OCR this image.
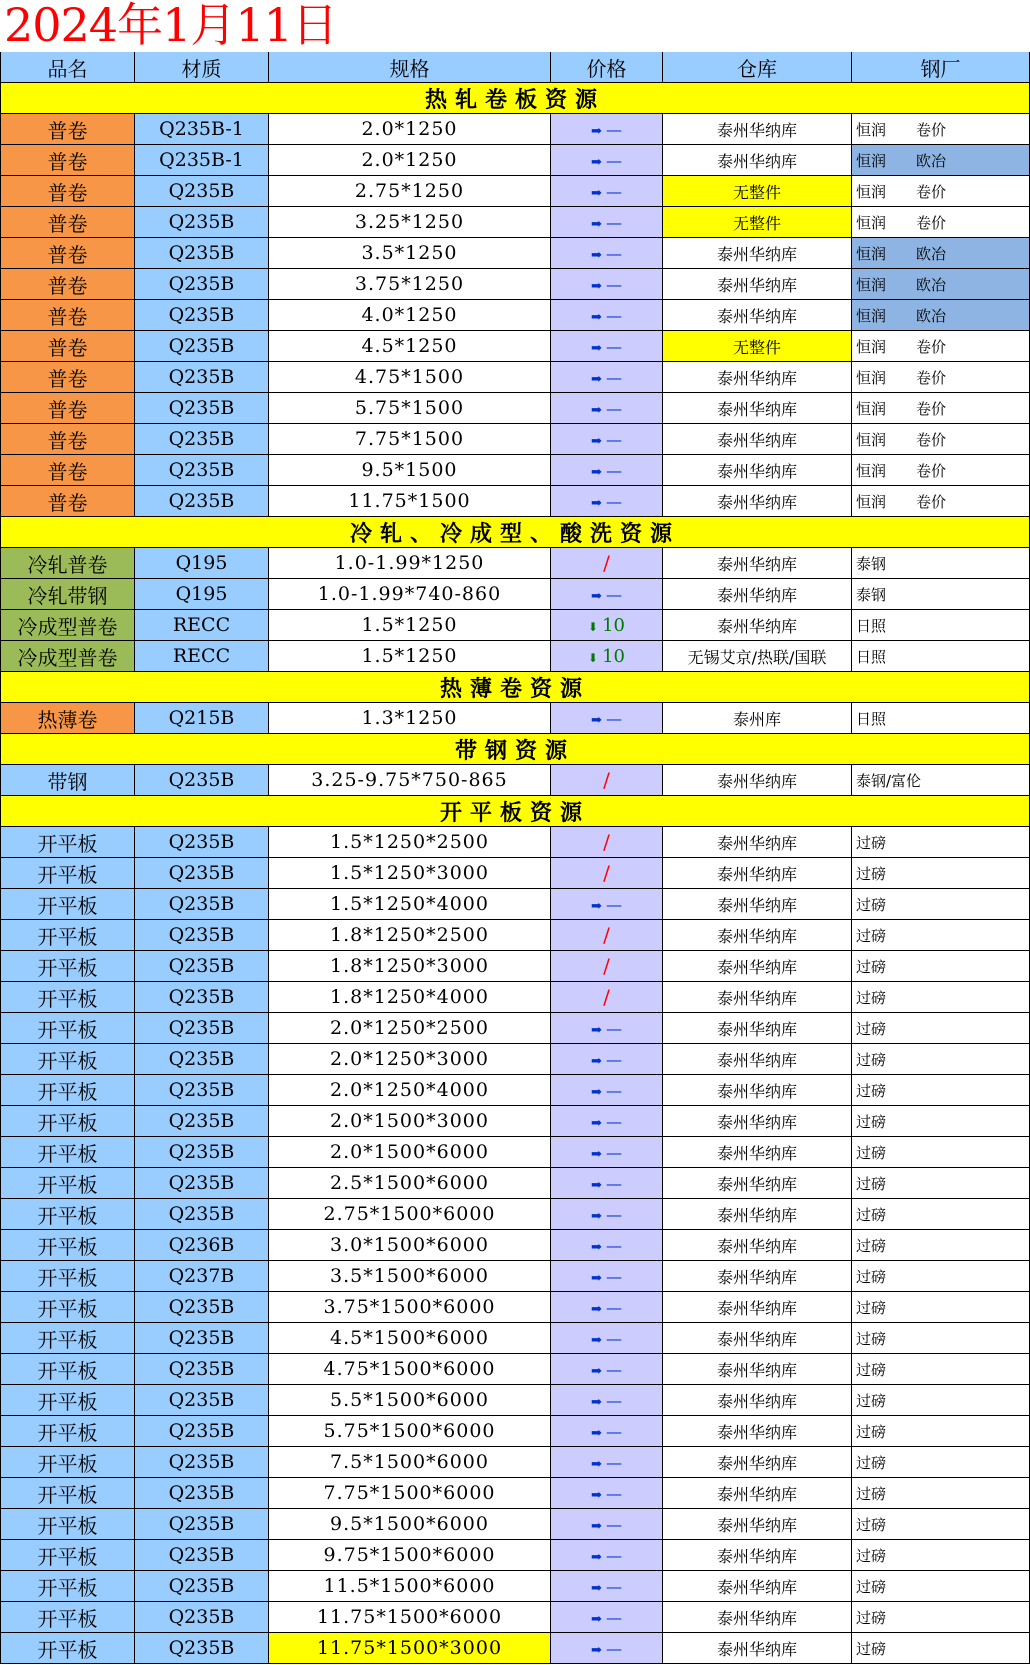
2024年1月11日
品名	材质	规格	价格	仓库	钢厂
热轧卷板资源
普卷	Q235B-1	2.0*1250	➡ —	泰州华纳库	恒润	卷价
普卷	Q235B-1	2.0*1250	➡ —	泰州华纳库	恒润	欧冶
普卷	Q235B	2.75*1250	➡ —	无整件	恒润	卷价
普卷	Q235B	3.25*1250	➡ —	无整件	恒润	卷价
普卷	Q235B	3.5*1250	➡ —	泰州华纳库	恒润	欧冶
普卷	Q235B	3.75*1250	➡ —	泰州华纳库	恒润	欧冶
普卷	Q235B	4.0*1250	➡ —	泰州华纳库	恒润	欧冶
普卷	Q235B	4.5*1250	➡ —	无整件	恒润	卷价
普卷	Q235B	4.75*1500	➡ —	泰州华纳库	恒润	卷价
普卷	Q235B	5.75*1500	➡ —	泰州华纳库	恒润	卷价
普卷	Q235B	7.75*1500	➡ —	泰州华纳库	恒润	卷价
普卷	Q235B	9.5*1500	➡ —	泰州华纳库	恒润	卷价
普卷	Q235B	11.75*1500	➡ —	泰州华纳库	恒润	卷价
冷轧、冷成型、酸洗资源
冷轧普卷	Q195	1.0-1.99*1250	/	泰州华纳库	泰钢
冷轧带钢	Q195	1.0-1.99*740-860	➡ —	泰州华纳库	泰钢
冷成型普卷	RECC	1.5*1250	⬇ 10	泰州华纳库	日照
冷成型普卷	RECC	1.5*1250	⬇ 10	无锡艾京/热联/国联	日照
热薄卷资源
热薄卷	Q215B	1.3*1250	➡ —	泰州库	日照
带钢资源
带钢	Q235B	3.25-9.75*750-865	/	泰州华纳库	泰钢/富伦
开平板资源
开平板	Q235B	1.5*1250*2500	/	泰州华纳库	过磅
开平板	Q235B	1.5*1250*3000	/	泰州华纳库	过磅
开平板	Q235B	1.5*1250*4000	➡ —	泰州华纳库	过磅
开平板	Q235B	1.8*1250*2500	/	泰州华纳库	过磅
开平板	Q235B	1.8*1250*3000	/	泰州华纳库	过磅
开平板	Q235B	1.8*1250*4000	/	泰州华纳库	过磅
开平板	Q235B	2.0*1250*2500	➡ —	泰州华纳库	过磅
开平板	Q235B	2.0*1250*3000	➡ —	泰州华纳库	过磅
开平板	Q235B	2.0*1250*4000	➡ —	泰州华纳库	过磅
开平板	Q235B	2.0*1500*3000	➡ —	泰州华纳库	过磅
开平板	Q235B	2.0*1500*6000	➡ —	泰州华纳库	过磅
开平板	Q235B	2.5*1500*6000	➡ —	泰州华纳库	过磅
开平板	Q235B	2.75*1500*6000	➡ —	泰州华纳库	过磅
开平板	Q236B	3.0*1500*6000	➡ —	泰州华纳库	过磅
开平板	Q237B	3.5*1500*6000	➡ —	泰州华纳库	过磅
开平板	Q235B	3.75*1500*6000	➡ —	泰州华纳库	过磅
开平板	Q235B	4.5*1500*6000	➡ —	泰州华纳库	过磅
开平板	Q235B	4.75*1500*6000	➡ —	泰州华纳库	过磅
开平板	Q235B	5.5*1500*6000	➡ —	泰州华纳库	过磅
开平板	Q235B	5.75*1500*6000	➡ —	泰州华纳库	过磅
开平板	Q235B	7.5*1500*6000	➡ —	泰州华纳库	过磅
开平板	Q235B	7.75*1500*6000	➡ —	泰州华纳库	过磅
开平板	Q235B	9.5*1500*6000	➡ —	泰州华纳库	过磅
开平板	Q235B	9.75*1500*6000	➡ —	泰州华纳库	过磅
开平板	Q235B	11.5*1500*6000	➡ —	泰州华纳库	过磅
开平板	Q235B	11.75*1500*6000	➡ —	泰州华纳库	过磅
开平板	Q235B	11.75*1500*3000	➡ —	泰州华纳库	过磅
